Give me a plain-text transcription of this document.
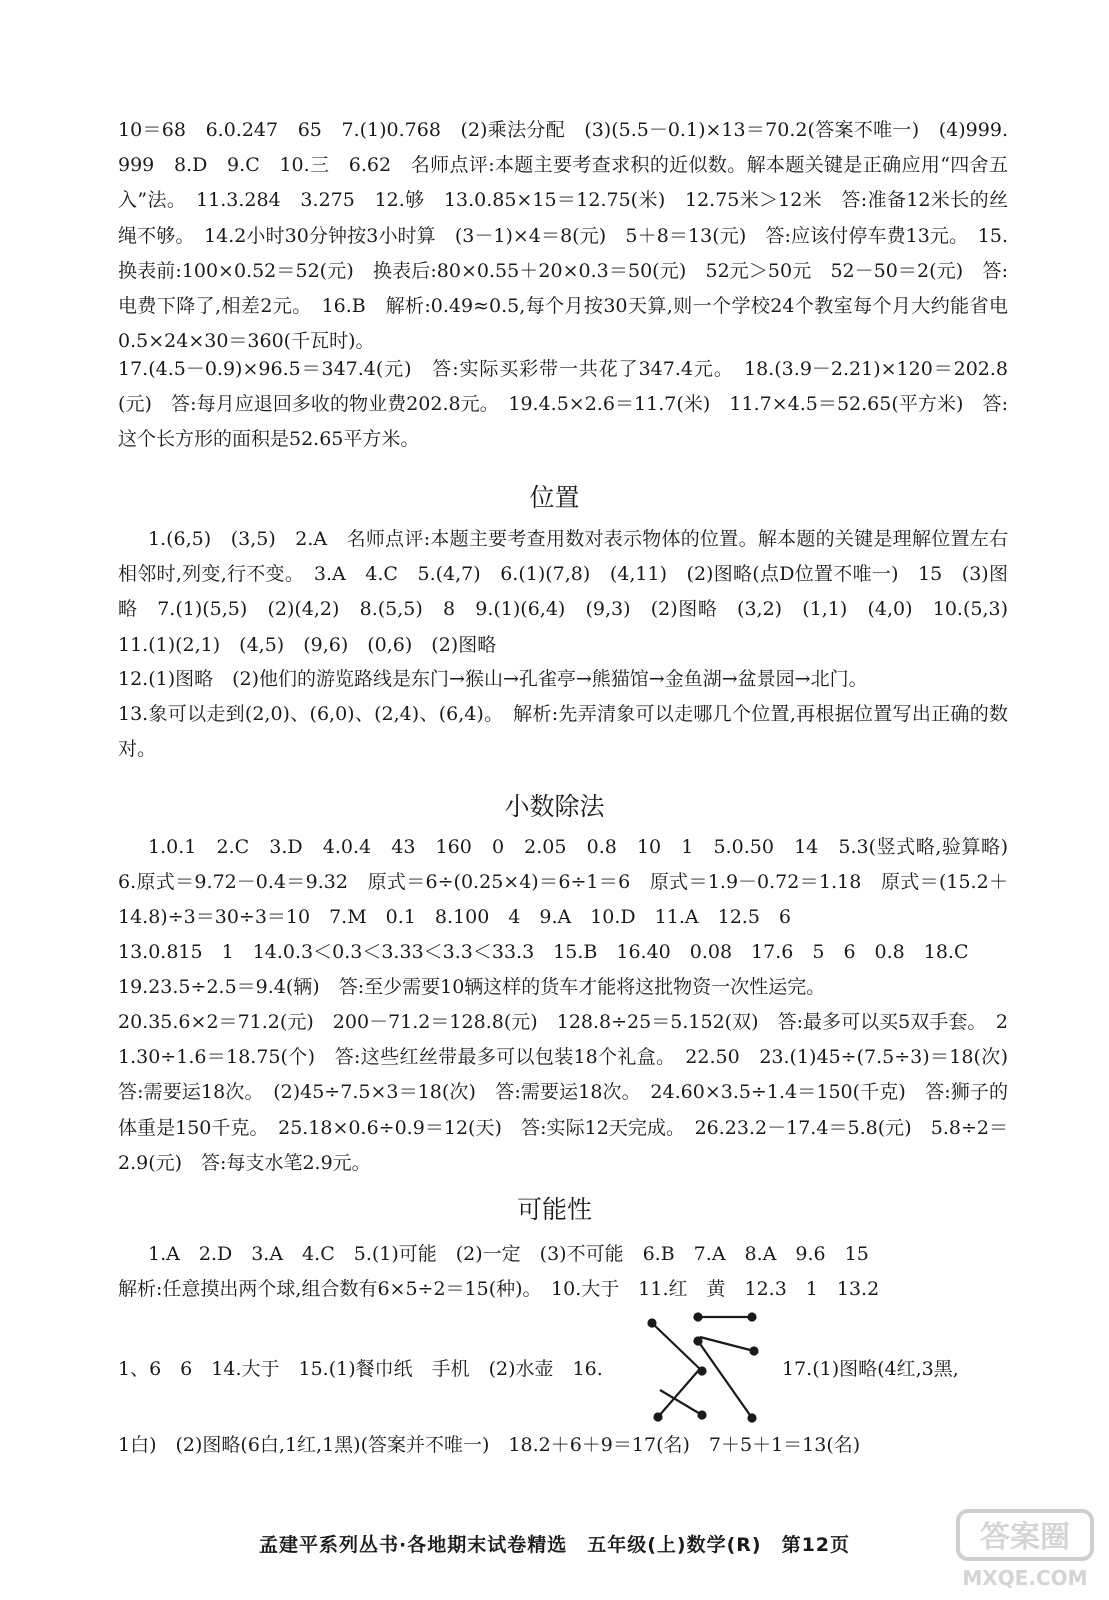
10＝68　6.0.247　65　7.(1)0.768　(2)乘法分配　(3)(5.5－0.1)×13＝70.2(答案不唯一)　(4)999.999　8.D　9.C　10.三　6.62　名师点评:本题主要考查求积的近似数。解本题关键是正确应用“四舍五入”法。　11.3.284　3.275　12.够　13.0.85×15＝12.75(米)　12.75米＞12米　答:准备12米长的丝绳不够。　14.2小时30分钟按3小时算　(3－1)×4＝8(元)　5＋8＝13(元)　答:应该付停车费13元。　15.换表前:100×0.52＝52(元)　换表后:80×0.55＋20×0.3＝50(元)　52元＞50元　52－50＝2(元)　答:电费下降了,相差2元。　16.B　解析:0.49≈0.5,每个月按30天算,则一个学校24个教室每个月大约能省电0.5×24×30＝360(千瓦时)。
17.(4.5－0.9)×96.5＝347.4(元)　答:实际买彩带一共花了347.4元。　18.(3.9－2.21)×120＝202.8(元)　答:每月应退回多收的物业费202.8元。　19.4.5×2.6＝11.7(米)　11.7×4.5＝52.65(平方米)　答:这个长方形的面积是52.65平方米。
位置
1.(6,5)　(3,5)　2.A　名师点评:本题主要考查用数对表示物体的位置。解本题的关键是理解位置左右相邻时,列变,行不变。　3.A　4.C　5.(4,7)　6.(1)(7,8)　(4,11)　(2)图略(点D位置不唯一)　15　(3)图略　7.(1)(5,5)　(2)(4,2)　8.(5,5)　8　9.(1)(6,4)　(9,3)　(2)图略　(3,2)　(1,1)　(4,0)　10.(5,3)　11.(1)(2,1)　(4,5)　(9,6)　(0,6)　(2)图略
12.(1)图略　(2)他们的游览路线是东门→猴山→孔雀亭→熊猫馆→金鱼湖→盆景园→北门。
13.象可以走到(2,0)、(6,0)、(2,4)、(6,4)。　解析:先弄清象可以走哪几个位置,再根据位置写出正确的数对。
小数除法
1.0.1　2.C　3.D　4.0.4　43　160　0　2.05　0.8　10　1　5.0.50　14　5.3(竖式略,验算略)　6.原式＝9.72－0.4＝9.32　原式＝6÷(0.25×4)＝6÷1＝6　原式＝1.9－0.72＝1.18　原式＝(15.2＋14.8)÷3＝30÷3＝10　7.M　0.1　8.100　4　9.A　10.D　11.A　12.5　6
13.0.815　1　14.0.3＜0.3＜3.33＜3.3＜33.3　15.B　16.40　0.08　17.6　5　6　0.8　18.C
19.23.5÷2.5＝9.4(辆)　答:至少需要10辆这样的货车才能将这批物资一次性运完。
20.35.6×2＝71.2(元)　200－71.2＝128.8(元)　128.8÷25＝5.152(双)　答:最多可以买5双手套。　21.30÷1.6＝18.75(个)　答:这些红丝带最多可以包装18个礼盒。　22.50　23.(1)45÷(7.5÷3)＝18(次)　答:需要运18次。　(2)45÷7.5×3＝18(次)　答:需要运18次。　24.60×3.5÷1.4＝150(千克)　答:狮子的体重是150千克。　25.18×0.6÷0.9＝12(天)　答:实际12天完成。　26.23.2－17.4＝5.8(元)　5.8÷2＝2.9(元)　答:每支水笔2.9元。
可能性
1.A　2.D　3.A　4.C　5.(1)可能　(2)一定　(3)不可能　6.B　7.A　8.A　9.6　15
解析:任意摸出两个球,组合数有6×5÷2＝15(种)。　10.大于　11.红　黄　12.3　1　13.2
1、6　6　14.大于　15.(1)餐巾纸　手机　(2)水壶　16.	17.(1)图略(4红,3黑,
1白)　(2)图略(6白,1红,1黑)(答案并不唯一)　18.2＋6＋9＝17(名)　7＋5＋1＝13(名)
孟建平系列丛书·各地期末试卷精选　五年级(上)数学(R)　第12页	答案圈
MXQE.COM
